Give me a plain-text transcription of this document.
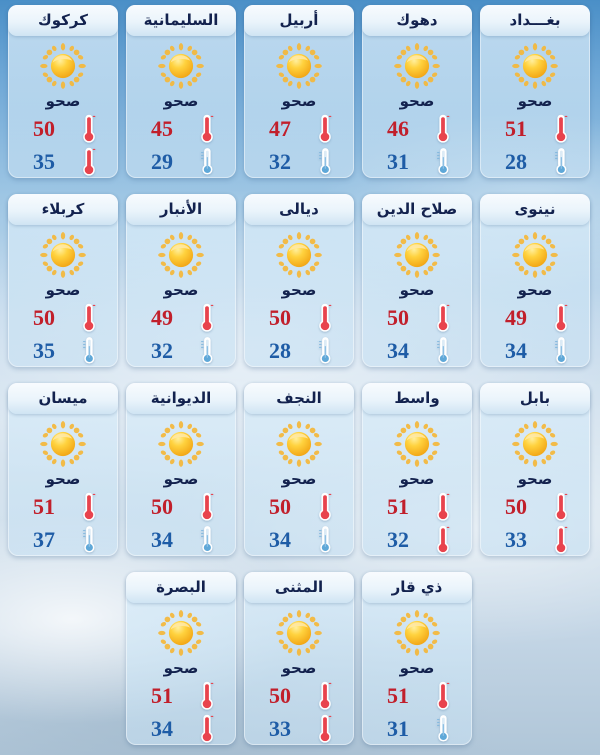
كركوك
صحو
50
35
السليمانية
صحو
45
29
أربيل
صحو
47
32
دهوك
صحو
46
31
بغـــداد
صحو
51
28
كربلاء
صحو
50
35
الأنبار
صحو
49
32
ديالى
صحو
50
28
صلاح الدين
صحو
50
34
نينوى
صحو
49
34
ميسان
صحو
51
37
الديوانية
صحو
50
34
النجف
صحو
50
34
واسط
صحو
51
32
بابل
صحو
50
33
البصرة
صحو
51
34
المثنى
صحو
50
33
ذي قار
صحو
51
31
